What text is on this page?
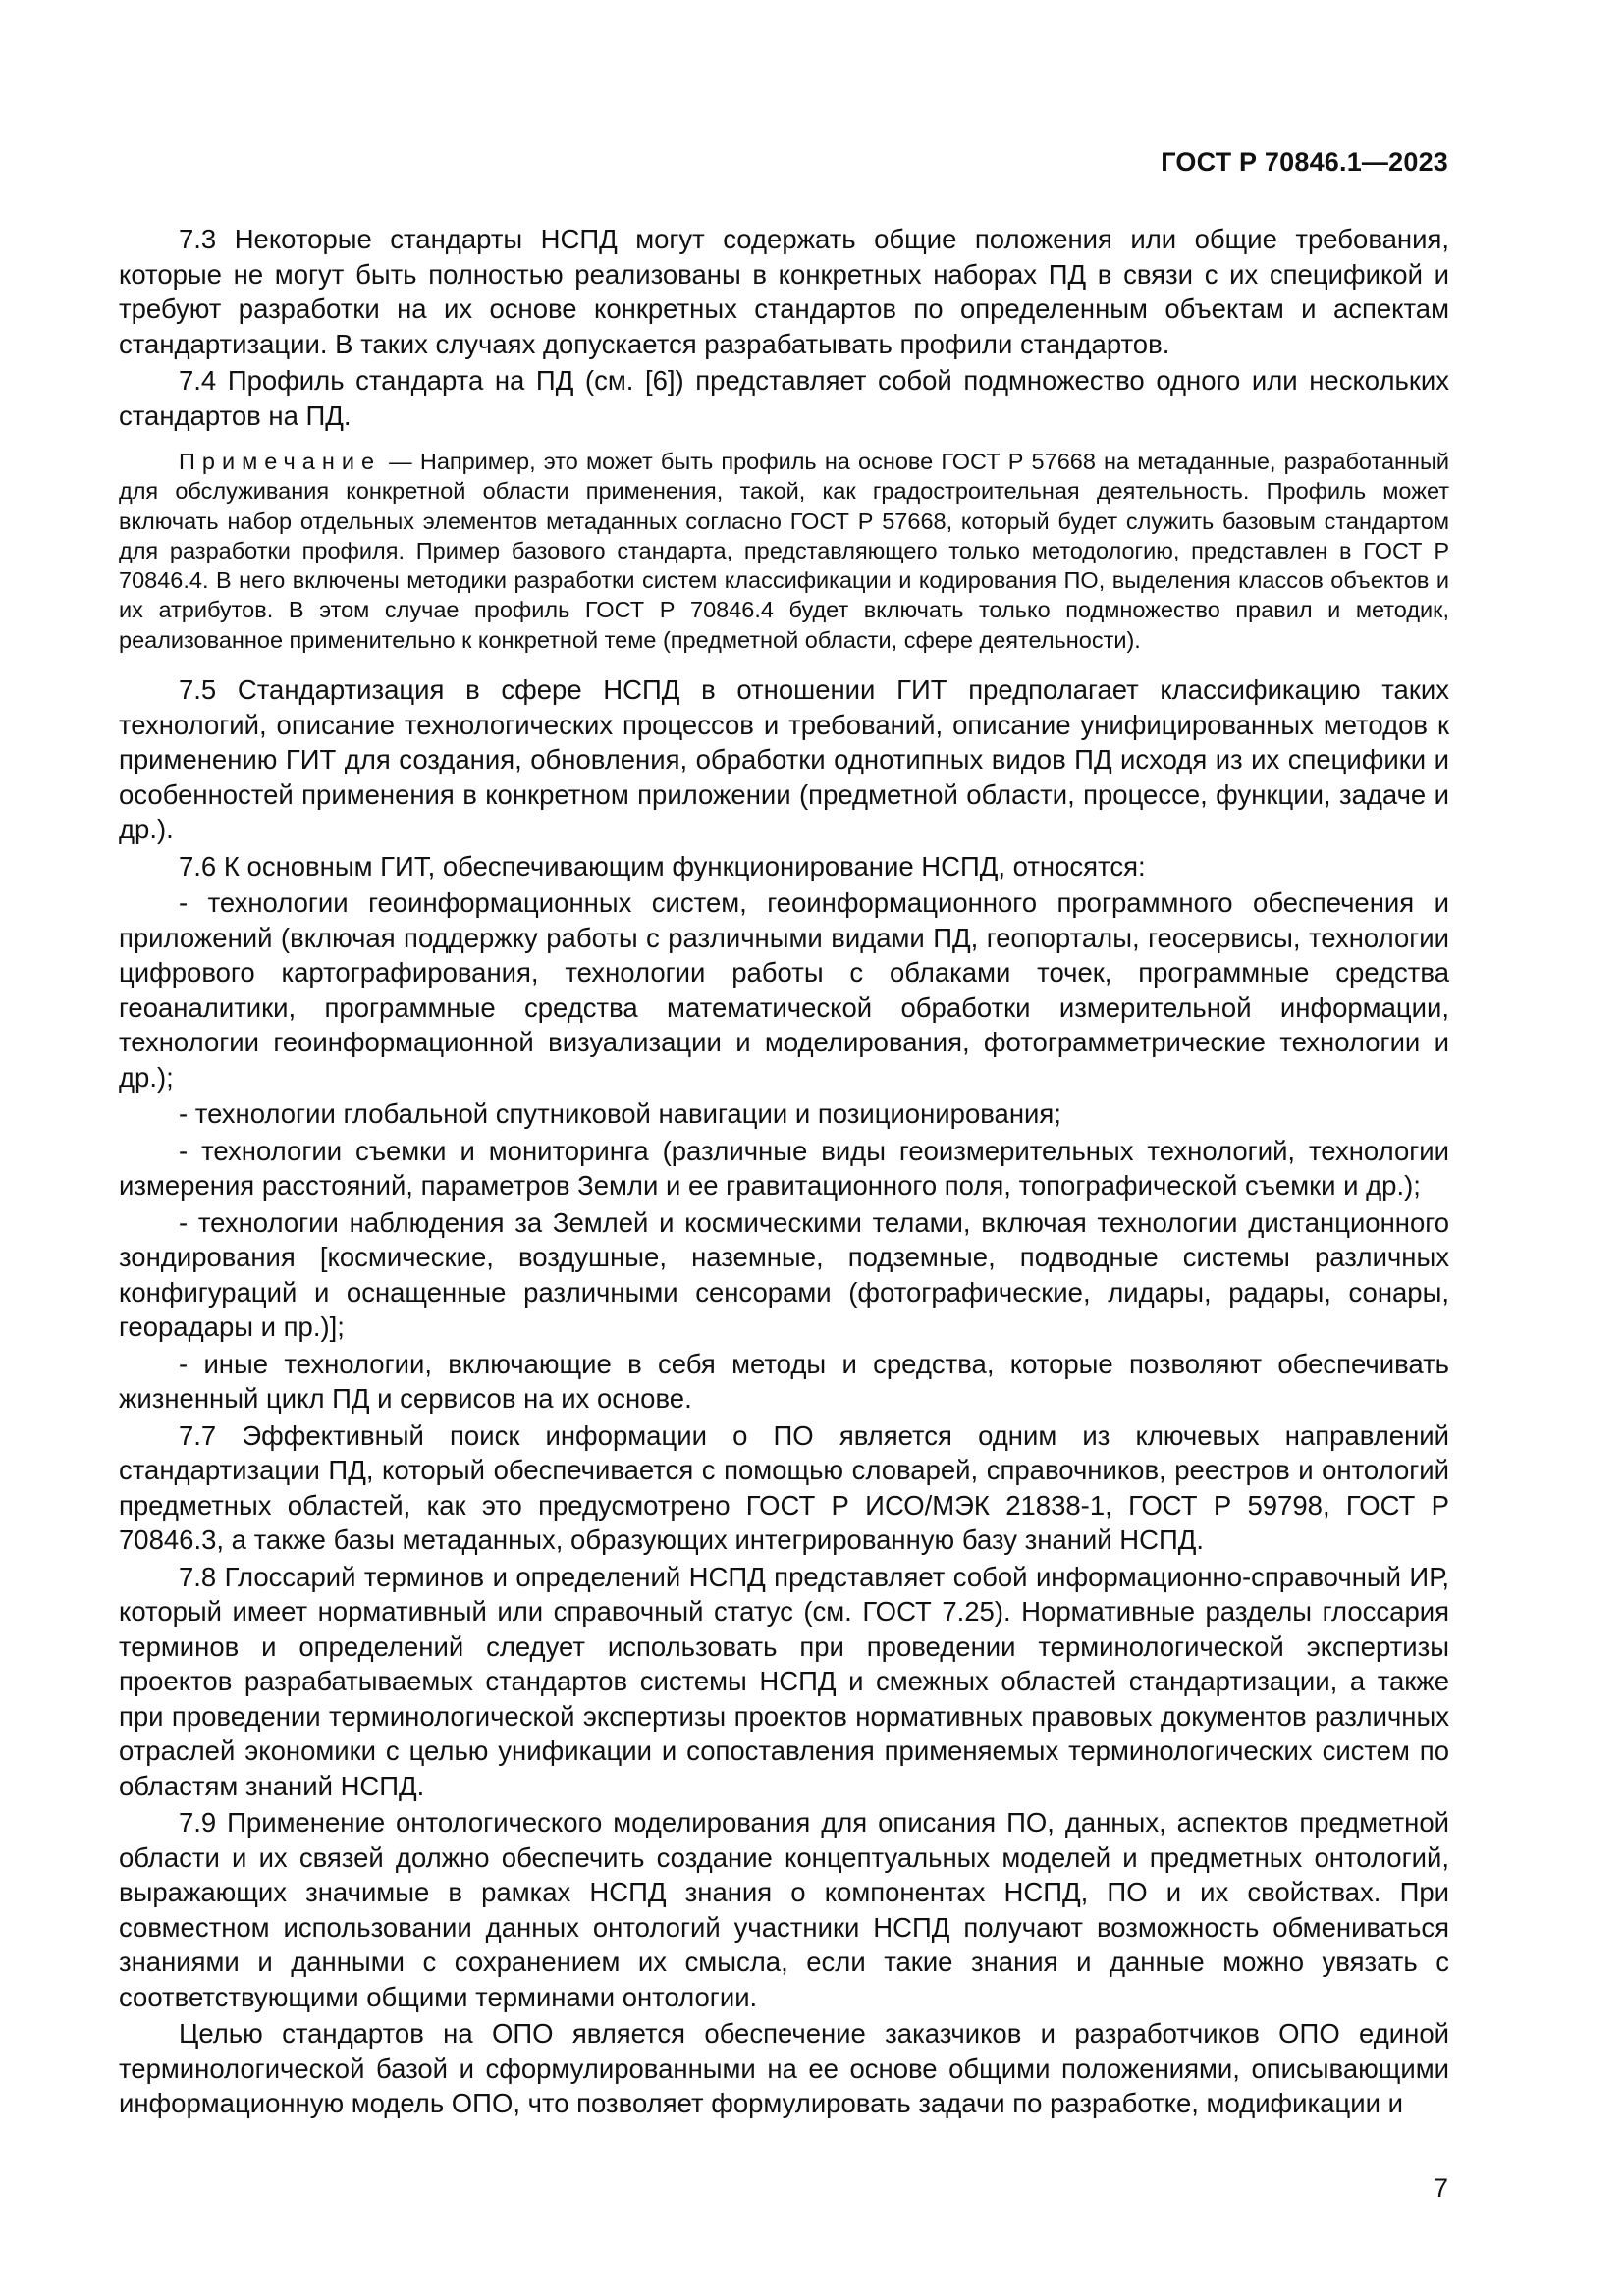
ГОСТ Р 70846.1—2023

7.3 Некоторые стандарты НСПД могут содержать общие положения или общие требования, которые не могут быть полностью реализованы в конкретных наборах ПД в связи с их спецификой и требуют разработки на их основе конкретных стандартов по определенным объектам и аспектам стандартизации. В таких случаях допускается разрабатывать профили стандартов.

7.4 Профиль стандарта на ПД (см. [6]) представляет собой подмножество одного или нескольких стандартов на ПД.

Примечание — Например, это может быть профиль на основе ГОСТ Р 57668 на метаданные, разработанный для обслуживания конкретной области применения, такой, как градостроительная деятельность. Профиль может включать набор отдельных элементов метаданных согласно ГОСТ Р 57668, который будет служить базовым стандартом для разработки профиля. Пример базового стандарта, представляющего только методологию, представлен в ГОСТ Р 70846.4. В него включены методики разработки систем классификации и кодирования ПО, выделения классов объектов и их атрибутов. В этом случае профиль ГОСТ Р 70846.4 будет включать только подмножество правил и методик, реализованное применительно к конкретной теме (предметной области, сфере деятельности).

7.5 Стандартизация в сфере НСПД в отношении ГИТ предполагает классификацию таких технологий, описание технологических процессов и требований, описание унифицированных методов к применению ГИТ для создания, обновления, обработки однотипных видов ПД исходя из их специфики и особенностей применения в конкретном приложении (предметной области, процессе, функции, задаче и др.).

7.6 К основным ГИТ, обеспечивающим функционирование НСПД, относятся:

- технологии геоинформационных систем, геоинформационного программного обеспечения и приложений (включая поддержку работы с различными видами ПД, геопорталы, геосервисы, технологии цифрового картографирования, технологии работы с облаками точек, программные средства геоаналитики, программные средства математической обработки измерительной информации, технологии геоинформационной визуализации и моделирования, фотограмметрические технологии и др.);

- технологии глобальной спутниковой навигации и позиционирования;

- технологии съемки и мониторинга (различные виды геоизмерительных технологий, технологии измерения расстояний, параметров Земли и ее гравитационного поля, топографической съемки и др.);

- технологии наблюдения за Землей и космическими телами, включая технологии дистанционного зондирования [космические, воздушные, наземные, подземные, подводные системы различных конфигураций и оснащенные различными сенсорами (фотографические, лидары, радары, сонары, георадары и пр.)];

- иные технологии, включающие в себя методы и средства, которые позволяют обеспечивать жизненный цикл ПД и сервисов на их основе.

7.7 Эффективный поиск информации о ПО является одним из ключевых направлений стандартизации ПД, который обеспечивается с помощью словарей, справочников, реестров и онтологий предметных областей, как это предусмотрено ГОСТ Р ИСО/МЭК 21838-1, ГОСТ Р 59798, ГОСТ Р 70846.3, а также базы метаданных, образующих интегрированную базу знаний НСПД.

7.8 Глоссарий терминов и определений НСПД представляет собой информационно-справочный ИР, который имеет нормативный или справочный статус (см. ГОСТ 7.25). Нормативные разделы глоссария терминов и определений следует использовать при проведении терминологической экспертизы проектов разрабатываемых стандартов системы НСПД и смежных областей стандартизации, а также при проведении терминологической экспертизы проектов нормативных правовых документов различных отраслей экономики с целью унификации и сопоставления применяемых терминологических систем по областям знаний НСПД.

7.9 Применение онтологического моделирования для описания ПО, данных, аспектов предметной области и их связей должно обеспечить создание концептуальных моделей и предметных онтологий, выражающих значимые в рамках НСПД знания о компонентах НСПД, ПО и их свойствах. При совместном использовании данных онтологий участники НСПД получают возможность обмениваться знаниями и данными с сохранением их смысла, если такие знания и данные можно увязать с соответствующими общими терминами онтологии.

Целью стандартов на ОПО является обеспечение заказчиков и разработчиков ОПО единой терминологической базой и сформулированными на ее основе общими положениями, описывающими информационную модель ОПО, что позволяет формулировать задачи по разработке, модификации и

7
